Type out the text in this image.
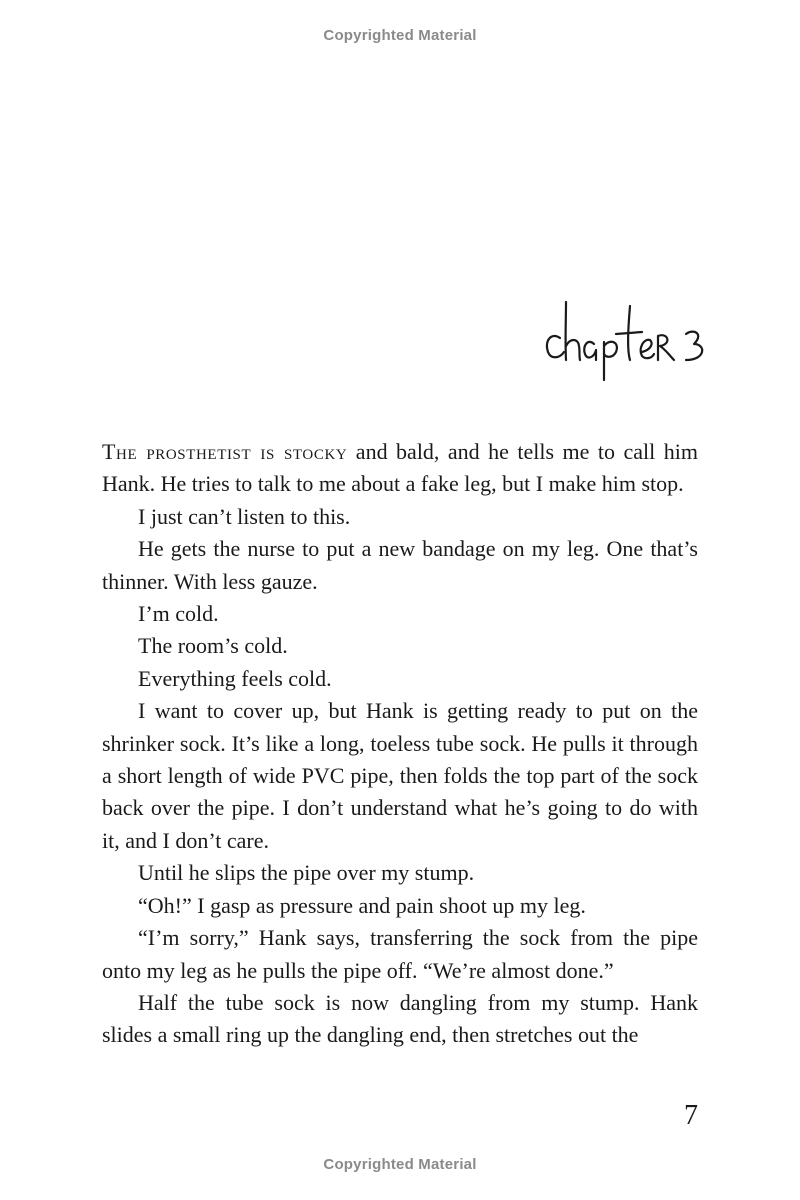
Copyrighted Material

The prosthetist is stocky and bald, and he tells me to call him Hank. He tries to talk to me about a fake leg, but I make him stop.

I just can’t listen to this.

He gets the nurse to put a new bandage on my leg. One that’s thinner. With less gauze.

I’m cold.

The room’s cold.

Everything feels cold.

I want to cover up, but Hank is getting ready to put on the shrinker sock. It’s like a long, toeless tube sock. He pulls it through a short length of wide PVC pipe, then folds the top part of the sock back over the pipe. I don’t understand what he’s going to do with it, and I don’t care.

Until he slips the pipe over my stump.

“Oh!” I gasp as pressure and pain shoot up my leg.

“I’m sorry,” Hank says, transferring the sock from the pipe onto my leg as he pulls the pipe off. “We’re almost done.”

Half the tube sock is now dangling from my stump. Hank slides a small ring up the dangling end, then stretches out the

7
Copyrighted Material
